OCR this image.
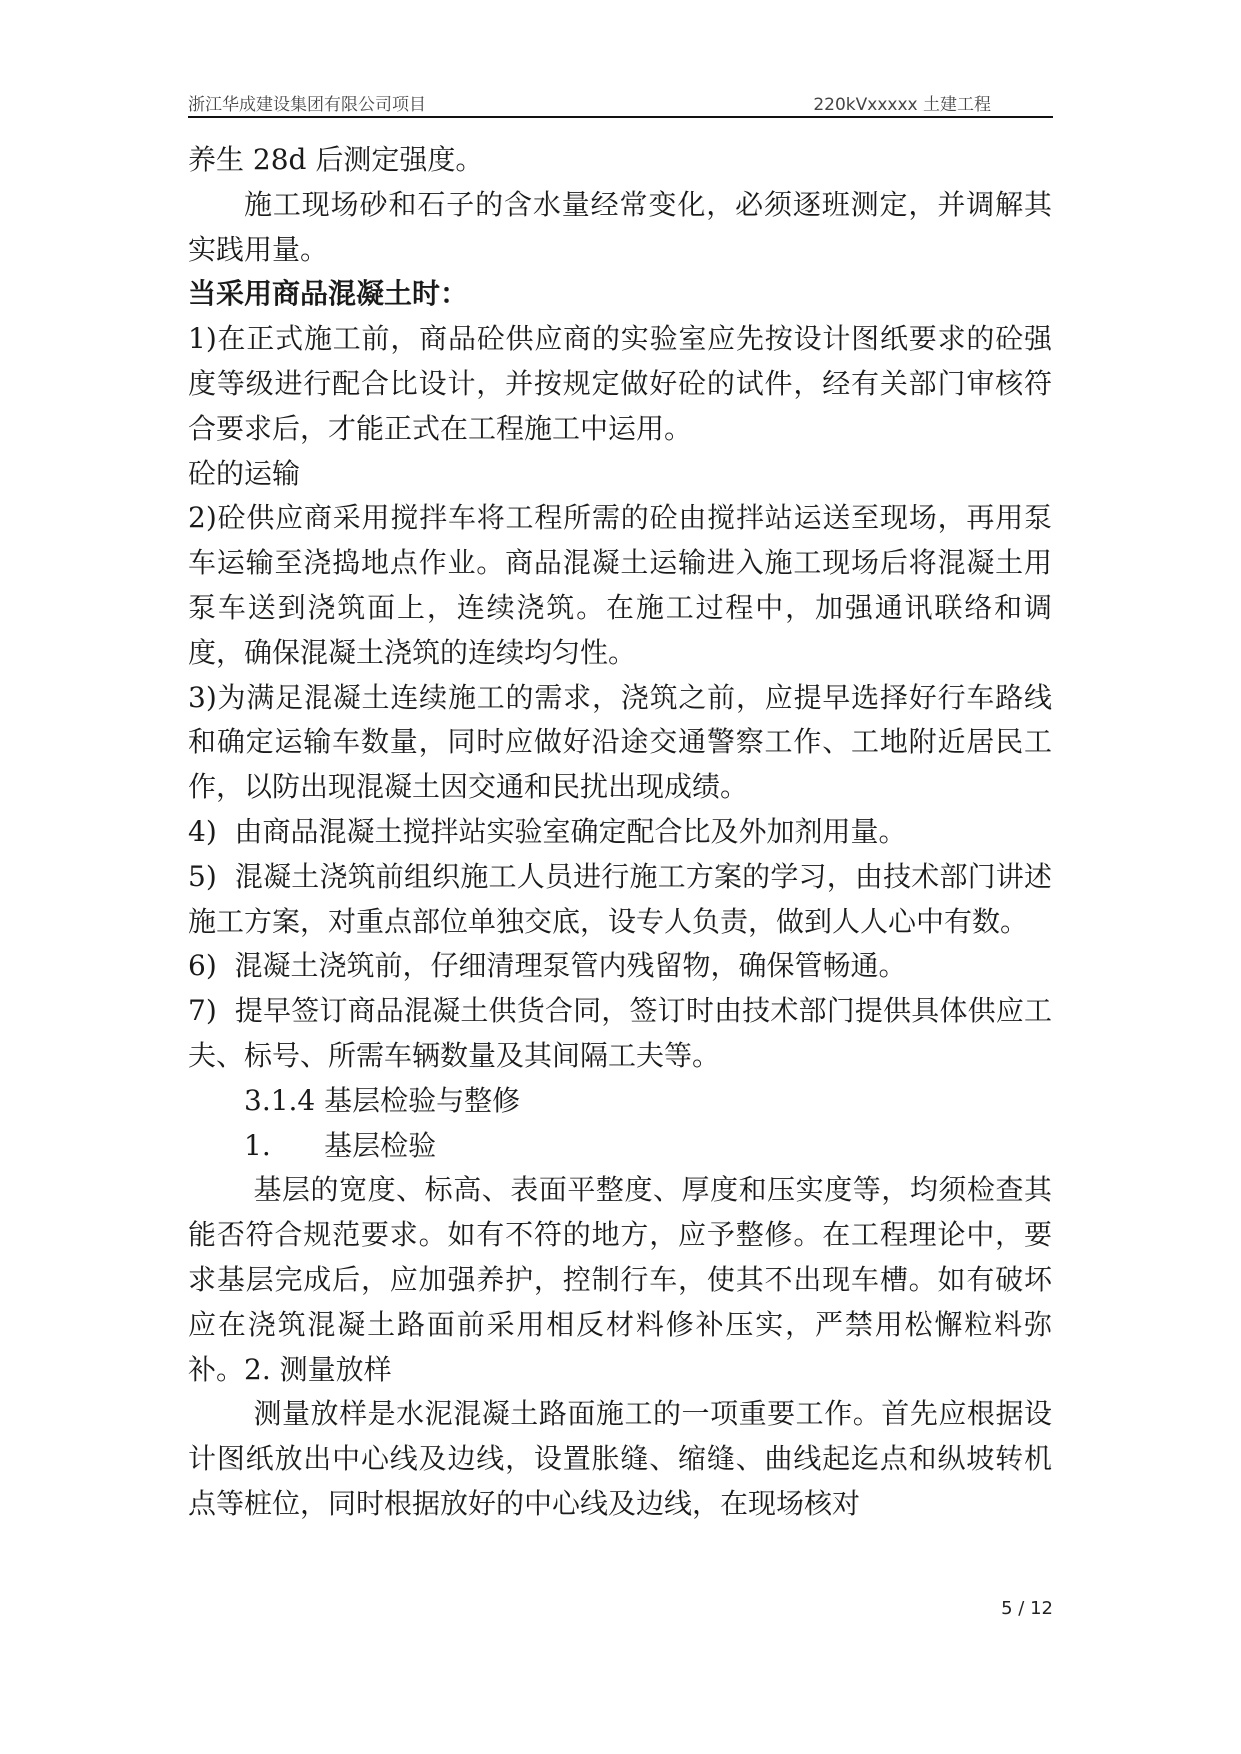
浙江华成建设集团有限公司项目	220kVxxxxx 土建工程

养生 28d 后测定强度。

施工现场砂和石子的含水量经常变化，必须逐班测定，并调解其实践用量。

当采用商品混凝土时：

1)在正式施工前，商品砼供应商的实验室应先按设计图纸要求的砼强度等级进行配合比设计，并按规定做好砼的试件，经有关部门审核符合要求后，才能正式在工程施工中运用。

砼的运输

2)砼供应商采用搅拌车将工程所需的砼由搅拌站运送至现场，再用泵车运输至浇捣地点作业。商品混凝土运输进入施工现场后将混凝土用泵车送到浇筑面上，连续浇筑。在施工过程中，加强通讯联络和调度，确保混凝土浇筑的连续均匀性。

3)为满足混凝土连续施工的需求，浇筑之前，应提早选择好行车路线和确定运输车数量，同时应做好沿途交通警察工作、工地附近居民工作，以防出现混凝土因交通和民扰出现成绩。

4)  由商品混凝土搅拌站实验室确定配合比及外加剂用量。

5)  混凝土浇筑前组织施工人员进行施工方案的学习，由技术部门讲述施工方案，对重点部位单独交底，设专人负责，做到人人心中有数。

6)  混凝土浇筑前，仔细清理泵管内残留物，确保管畅通。

7)  提早签订商品混凝土供货合同，签订时由技术部门提供具体供应工夫、标号、所需车辆数量及其间隔工夫等。

3.1.4 基层检验与整修

1.      基层检验

基层的宽度、标高、表面平整度、厚度和压实度等，均须检查其能否符合规范要求。如有不符的地方，应予整修。在工程理论中，要求基层完成后，应加强养护，控制行车，使其不出现车槽。如有破坏应在浇筑混凝土路面前采用相反材料修补压实，严禁用松懈粒料弥补。2. 测量放样

测量放样是水泥混凝土路面施工的一项重要工作。首先应根据设计图纸放出中心线及边线，设置胀缝、缩缝、曲线起迄点和纵坡转机点等桩位，同时根据放好的中心线及边线，在现场核对

5 / 12
